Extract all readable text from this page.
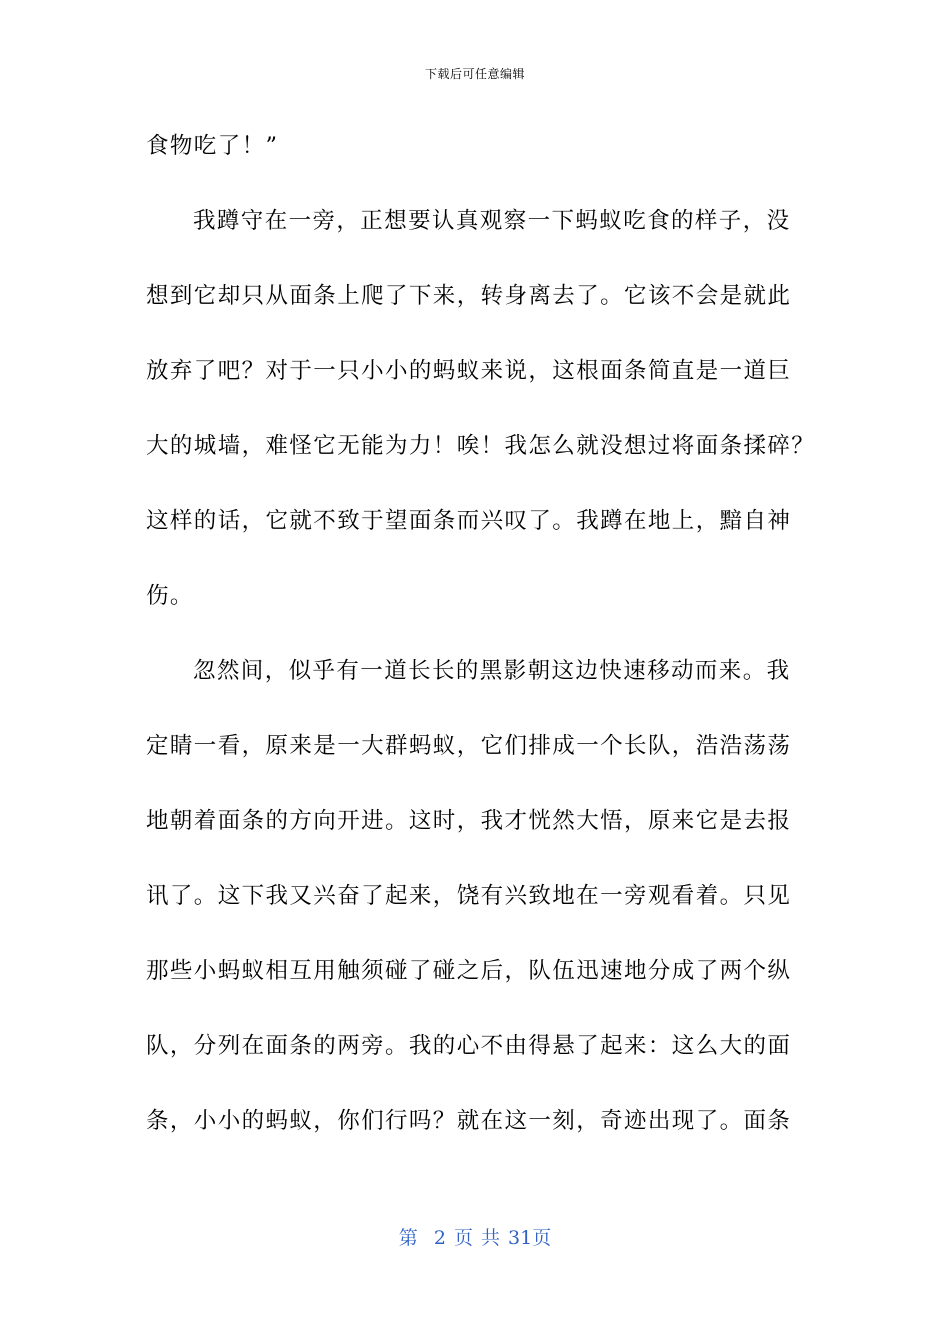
下载后可任意编辑
食物吃了！”
我蹲守在一旁，正想要认真观察一下蚂蚁吃食的样子，没
想到它却只从面条上爬了下来，转身离去了。它该不会是就此
放弃了吧？对于一只小小的蚂蚁来说，这根面条简直是一道巨
大的城墙，难怪它无能为力！唉！我怎么就没想过将面条揉碎？
这样的话，它就不致于望面条而兴叹了。我蹲在地上，黯自神
伤。
忽然间，似乎有一道长长的黑影朝这边快速移动而来。我
定睛一看，原来是一大群蚂蚁，它们排成一个长队，浩浩荡荡
地朝着面条的方向开进。这时，我才恍然大悟，原来它是去报
讯了。这下我又兴奋了起来，饶有兴致地在一旁观看着。只见
那些小蚂蚁相互用触须碰了碰之后，队伍迅速地分成了两个纵
队，分列在面条的两旁。我的心不由得悬了起来：这么大的面
条，小小的蚂蚁，你们行吗？就在这一刻，奇迹出现了。面条
第  2 页 共 31页
